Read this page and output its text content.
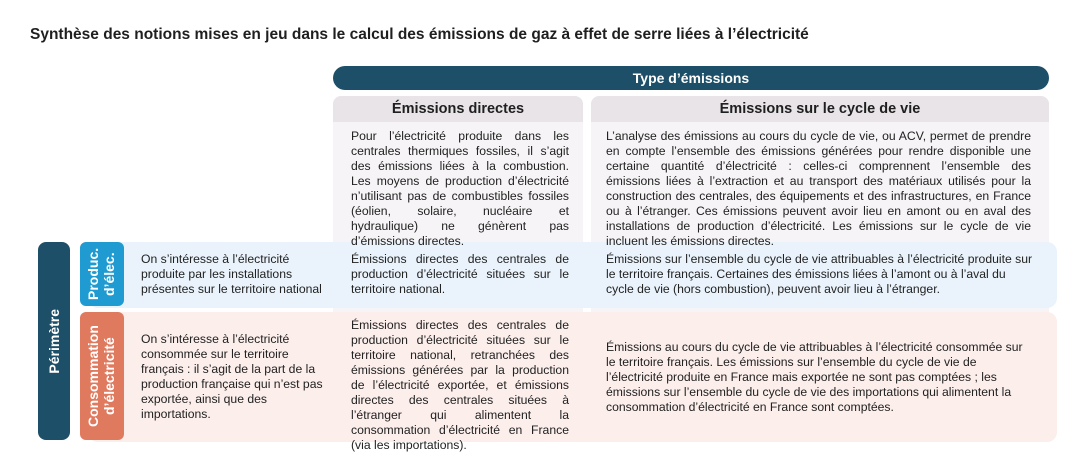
Synthèse des notions mises en jeu dans le calcul des émissions de gaz à effet de serre liées à l’électricité
Type d’émissions
Émissions directes	Émissions sur le cycle de vie
Pour l’électricité produite dans les centrales thermiques fossiles, il s’agit des émissions liées à la combustion. Les moyens de production d’électricité n’utilisant pas de combustibles fossiles (éolien, solaire, nucléaire et hydraulique) ne génèrent pas d’émissions directes.
L’analyse des émissions au cours du cycle de vie, ou ACV, permet de prendre en compte l’ensemble des émissions générées pour rendre disponible une certaine quantité d’électricité : celles-ci comprennent l’ensemble des émissions liées à l’extraction et au transport des matériaux utilisés pour la construction des centrales, des équipements et des infrastructures, en France ou à l’étranger. Ces émissions peuvent avoir lieu en amont ou en aval des installations de production d’électricité. Les émissions sur le cycle de vie incluent les émissions directes.
Périmètre
Produc. d’élec.
Consommation d’électricité
On s’intéresse à l’électricité produite par les installations présentes sur le territoire national
Émissions directes des centrales de production d’électricité situées sur le territoire national.
Émissions sur l’ensemble du cycle de vie attribuables à l’électricité produite sur le territoire français. Certaines des émissions liées à l’amont ou à l’aval du cycle de vie (hors combustion), peuvent avoir lieu à l’étranger.
On s’intéresse à l’électricité consommée sur le territoire français : il s’agit de la part de la production française qui n’est pas exportée, ainsi que des importations.
Émissions directes des centrales de production d’électricité situées sur le territoire national, retranchées des émissions générées par la production de l’électricité exportée, et émissions directes des centrales situées à l’étranger qui alimentent la consommation d’électricité en France (via les importations).
Émissions au cours du cycle de vie attribuables à l’électricité consommée sur le territoire français. Les émissions sur l’ensemble du cycle de vie de l’électricité produite en France mais exportée ne sont pas comptées ; les émissions sur l’ensemble du cycle de vie des importations qui alimentent la consommation d’électricité en France sont comptées.
